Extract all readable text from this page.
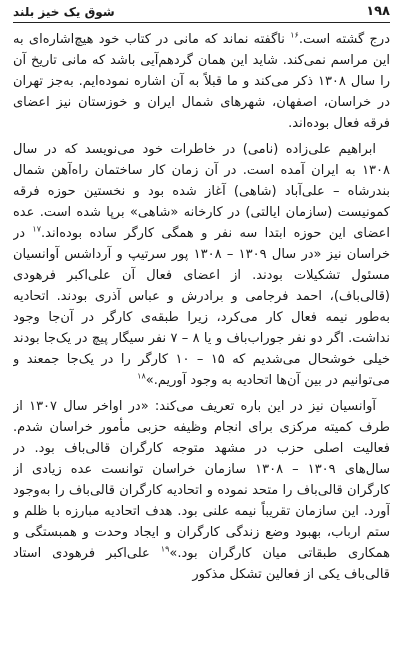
۱۹۸
شوق یک خیز بلند

درج گشته است.$^{۱۶}$ ناگفته نماند که مانی در کتاب خود هیچ‌اشاره‌ای به این مراسم نمی‌کند. شاید این همان گردهم‌آیی باشد که مانی تاریخ آن را سال ۱۳۰۸ ذکر می‌کند و ما قبلاً به آن اشاره نموده‌ایم. به‌جز تهران در خراسان، اصفهان، شهرهای شمال ایران و خوزستان نیز اعضای فرقه فعال بوده‌اند.

ابراهیم علی‌زاده (نامی) در خاطرات خود می‌نویسد که در سال ۱۳۰۸ به ایران آمده است. در آن زمان کار ساختمان راه‌آهن شمال بندرشاه – علی‌آباد (شاهی) آغاز شده بود و نخستین حوزه فرقه کمونیست (سازمان ایالتی) در کارخانه «شاهی» برپا شده است. عده اعضای این حوزه ابتدا سه نفر و همگی کارگر ساده بوده‌اند.$^{۱۷}$ در خراسان نیز «در سال ۱۳۰۹ – ۱۳۰۸ پور سرتیپ و آرداشس آوانسیان مسئول تشکیلات بودند. از اعضای فعال آن علی‌اکبر فرهودی (قالی‌باف)، احمد فرجامی و برادرش و عباس آذری بودند. اتحادیه به‌طور نیمه فعال کار می‌کرد، زیرا طبقه‌ی کارگر در آن‌جا وجود نداشت. اگر دو نفر جوراب‌باف و یا ۸ – ۷ نفر سیگار پیچ در یک‌جا بودند خیلی خوشحال می‌شدیم که ۱۵ – ۱۰ کارگر را در یک‌جا جمعند و می‌توانیم در بین آن‌ها اتحادیه به وجود آوریم.»$^{۱۸}$

آوانسیان نیز در این باره تعریف می‌کند: «در اواخر سال ۱۳۰۷ از طرف کمیته مرکزی برای انجام وظیفه حزبی مأمور خراسان شدم. فعالیت اصلی حزب در مشهد متوجه کارگران قالی‌باف بود. در سال‌های ۱۳۰۹ – ۱۳۰۸ سازمان خراسان توانست عده زیادی از کارگران قالی‌باف را متحد نموده و اتحادیه کارگران قالی‌باف را به‌وجود آورد. این سازمان تقریباً نیمه علنی بود. هدف اتحادیه مبارزه با ظلم و ستم ارباب، بهبود وضع زندگی کارگران و ایجاد وحدت و همبستگی و همکاری طبقاتی میان کارگران بود.»$^{۱۹}$ علی‌اکبر فرهودی استاد قالی‌باف یکی از فعالین تشکل مذکور
